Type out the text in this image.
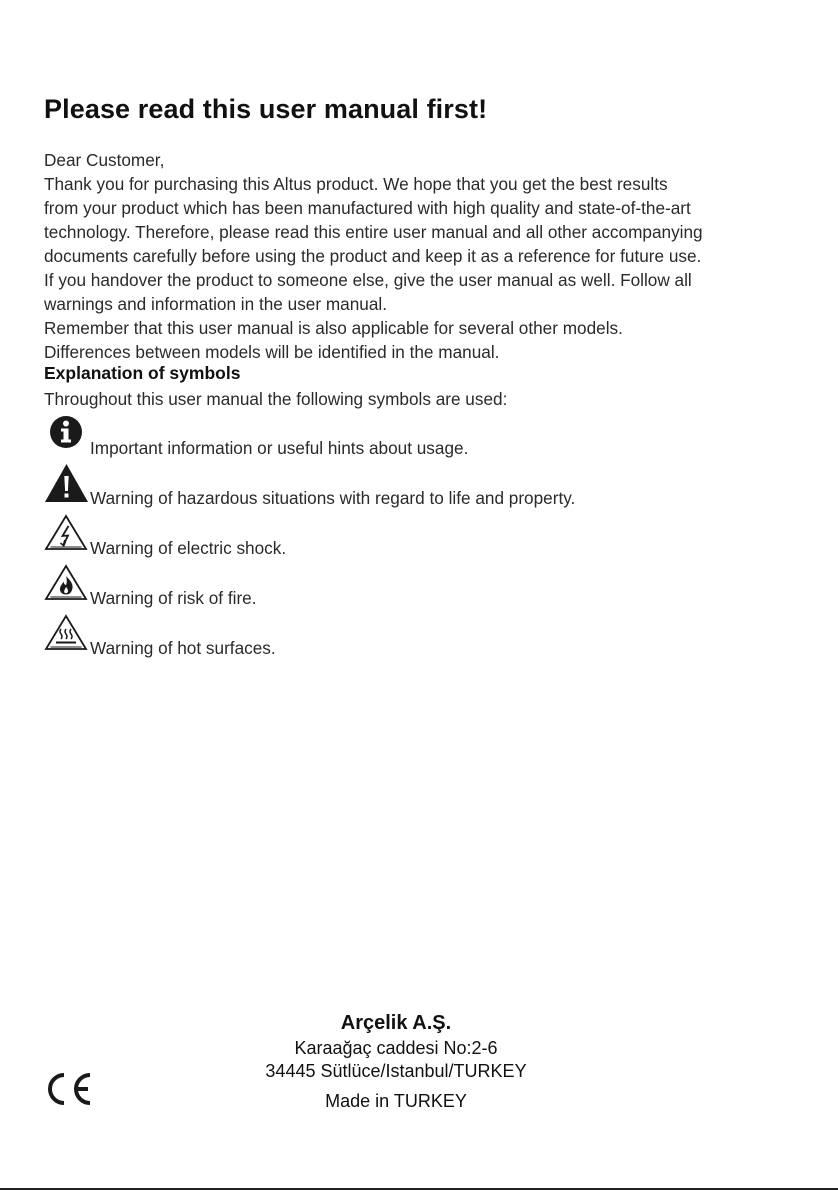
Please read this user manual first!
Dear Customer,
Thank you for purchasing this Altus product. We hope that you get the best results
from your product which has been manufactured with high quality and state-of-the-art
technology. Therefore, please read this entire user manual and all other accompanying
documents carefully before using the product and keep it as a reference for future use.
If you handover the product to someone else, give the user manual as well. Follow all
warnings and information in the user manual.
Remember that this user manual is also applicable for several other models.
Differences between models will be identified in the manual.
Explanation of symbols
Throughout this user manual the following symbols are used:
Important information or useful hints about usage.
Warning of hazardous situations with regard to life and property.
Warning of electric shock.
Warning of risk of fire.
Warning of hot surfaces.
Arçelik A.Ş.
Karaağaç caddesi No:2-6
34445 Sütlüce/Istanbul/TURKEY
Made in TURKEY
